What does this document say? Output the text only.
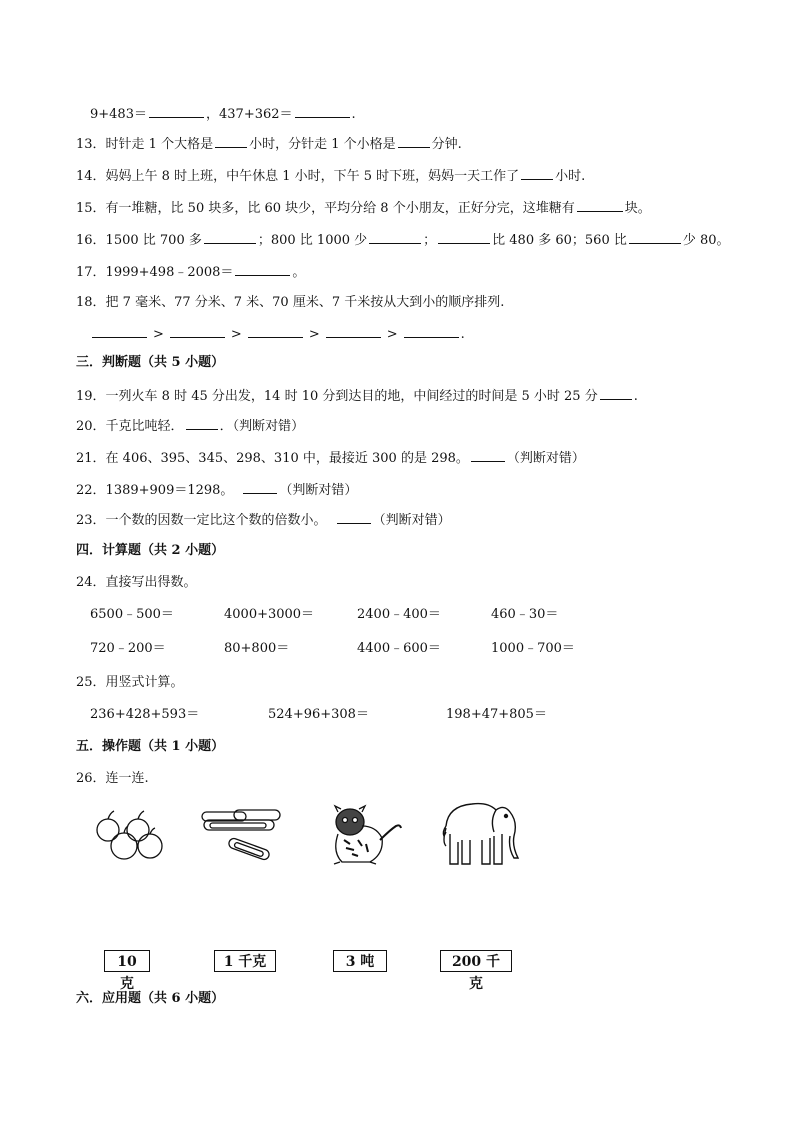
9+483＝	，437+362＝	.
13．时针走 1 个大格是	小时，分针走 1 个小格是	分钟.
14．妈妈上午 8 时上班，中午休息 1 小时，下午 5 时下班，妈妈一天工作了	小时.
15．有一堆糖，比 50 块多，比 60 块少，平均分给 8 个小朋友，正好分完，这堆糖有	块。
16．1500 比 700 多	；800 比 1000 少	；	比 480 多 60；560 比	少 80。
17．1999+498﹣2008＝	。
18．把 7 毫米、77 分米、7 米、70 厘米、7 千米按从大到小的顺序排列.
>	>	>	>	.
三．判断题（共 5 小题）
19．一列火车 8 时 45 分出发，14 时 10 分到达目的地，中间经过的时间是 5 小时 25 分	.
20．千克比吨轻．	．（判断对错）
21．在 406、395、345、298、310 中，最接近 300 的是 298。	（判断对错）
22．1389+909＝1298。	（判断对错）
23．一个数的因数一定比这个数的倍数小。	（判断对错）
四．计算题（共 2 小题）
24．直接写出得数。
6500﹣500＝	4000+3000＝	2400﹣400＝	460﹣30＝
720﹣200＝	80+800＝	4400﹣600＝	1000﹣700＝
25．用竖式计算。
236+428+593＝	524+96+308＝	198+47+805＝
五．操作题（共 1 小题）
26．连一连.
10 克
1 千克	3 吨	200 千克
六．应用题（共 6 小题）
